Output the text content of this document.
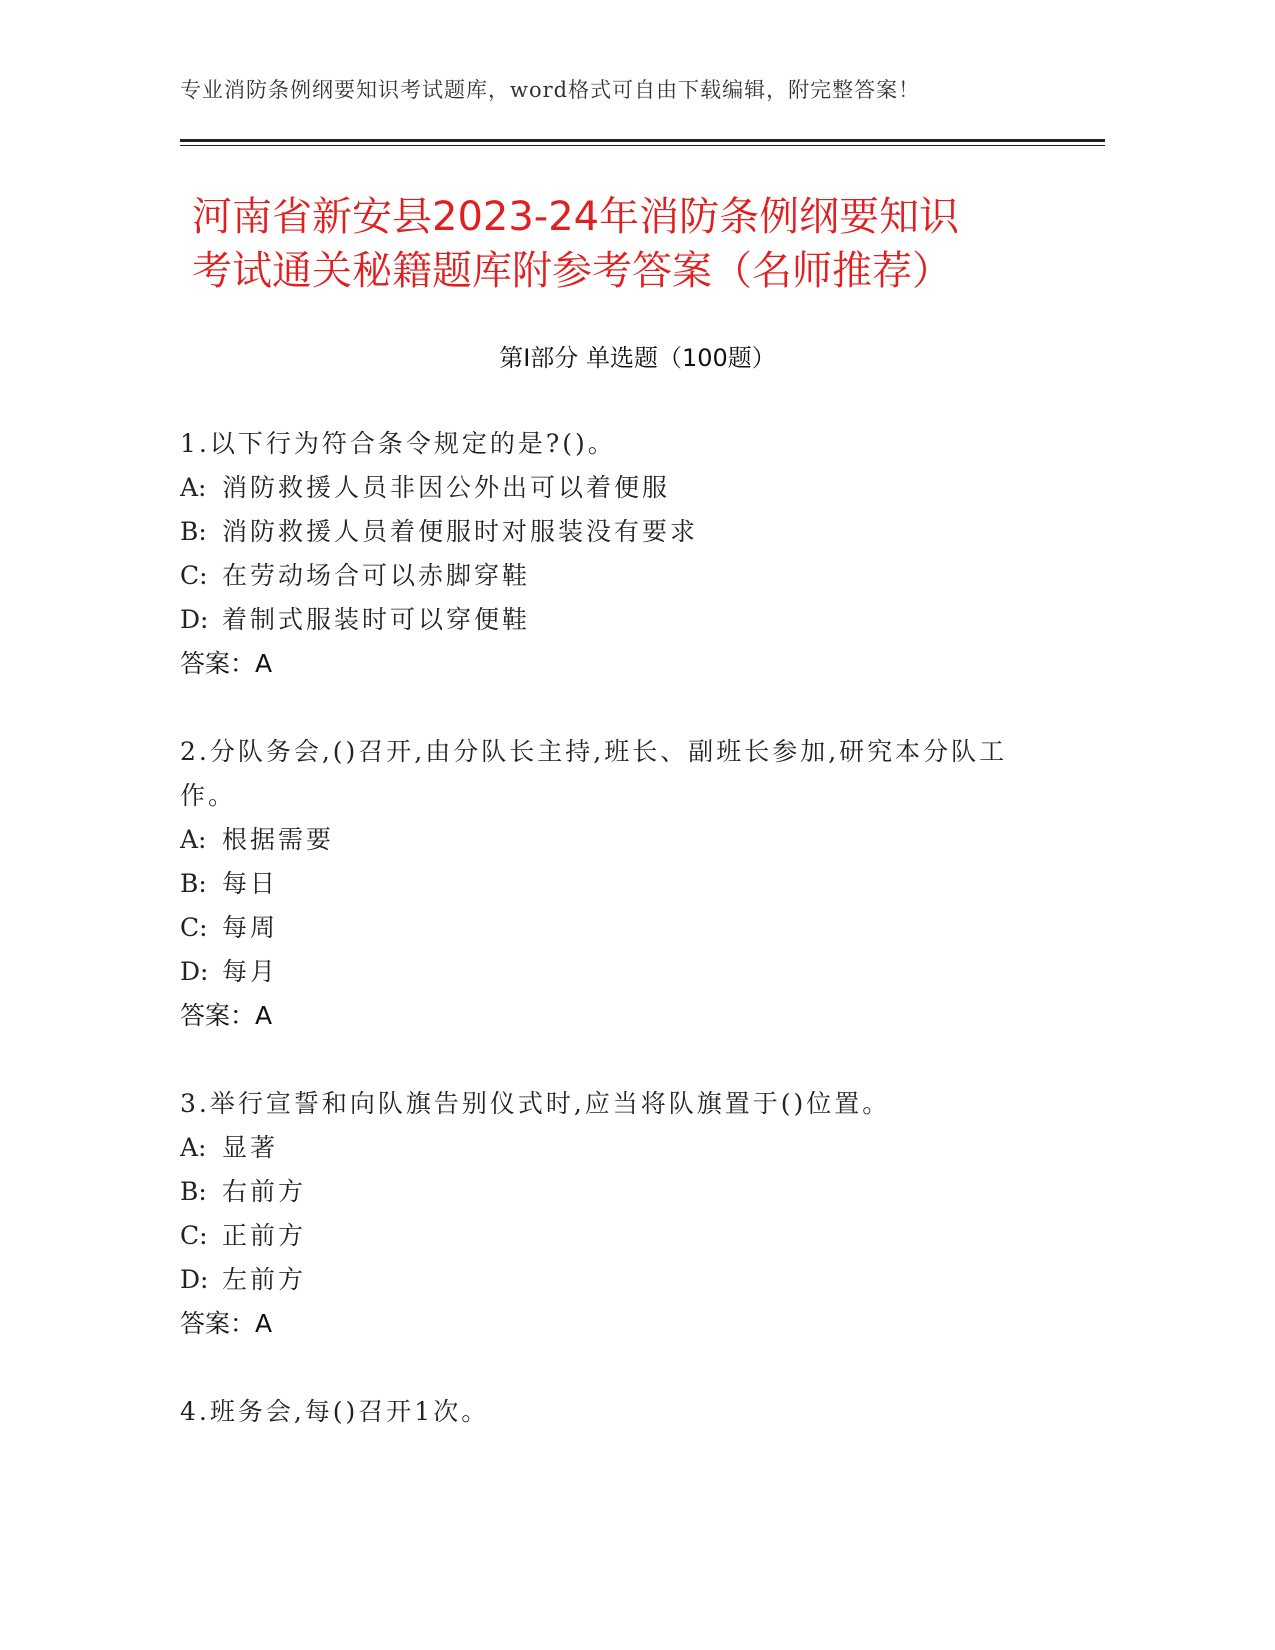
专业消防条例纲要知识考试题库，word格式可自由下载编辑，附完整答案！
河南省新安县2023-24年消防条例纲要知识
考试通关秘籍题库附参考答案（名师推荐）
第Ⅰ部分 单选题（100题）
1.以下行为符合条令规定的是?()。
A: 消防救援人员非因公外出可以着便服
B: 消防救援人员着便服时对服装没有要求
C: 在劳动场合可以赤脚穿鞋
D: 着制式服装时可以穿便鞋
答案：A
2.分队务会,()召开,由分队长主持,班长、副班长参加,研究本分队工
作。
A: 根据需要
B: 每日
C: 每周
D: 每月
答案：A
3.举行宣誓和向队旗告别仪式时,应当将队旗置于()位置。
A: 显著
B: 右前方
C: 正前方
D: 左前方
答案：A
4.班务会,每()召开1次。
